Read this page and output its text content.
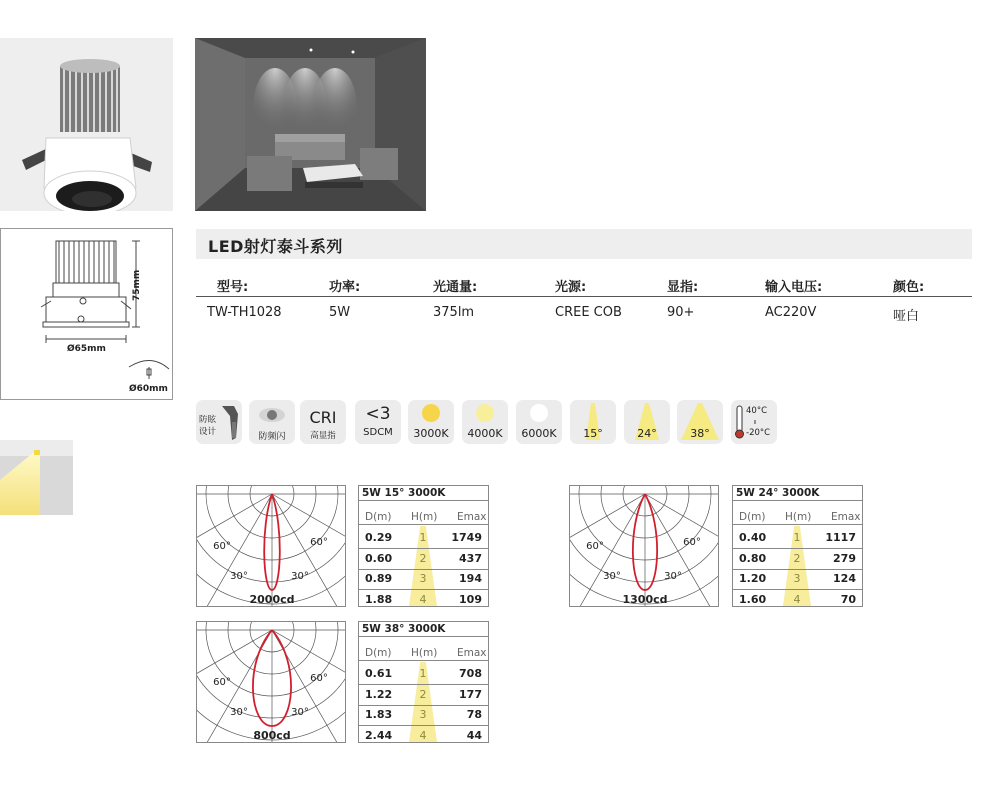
75mm
Ø65mm
Ø60mm
LED射灯泰斗系列
型号:	功率:	光通量:	光源:	显指:	输入电压:	颜色:
TW-TH1028	5W	375lm	CREE COB	90+	AC220V	哑白
防眩
设计	防频闪
CRI
高显指
<3
SDCM	3000K	4000K	6000K	15°	24°	38°
40°C
-20°C
60°	60°
30°	30°
2000cd
5W 15° 3000K
D(m) H(m) Emax
0.29	1	1749
0.60	2	437
0.89	3	194
1.88	4	109
60°	60°
30°	30°
1300cd
5W 24° 3000K
D(m) H(m) Emax
0.40	1	1117
0.80	2	279
1.20	3	124
1.60	4	70
60°	60°
30°	30°
800cd
5W 38° 3000K
D(m) H(m) Emax
0.61	1	708
1.22	2	177
1.83	3	78
2.44	4	44
